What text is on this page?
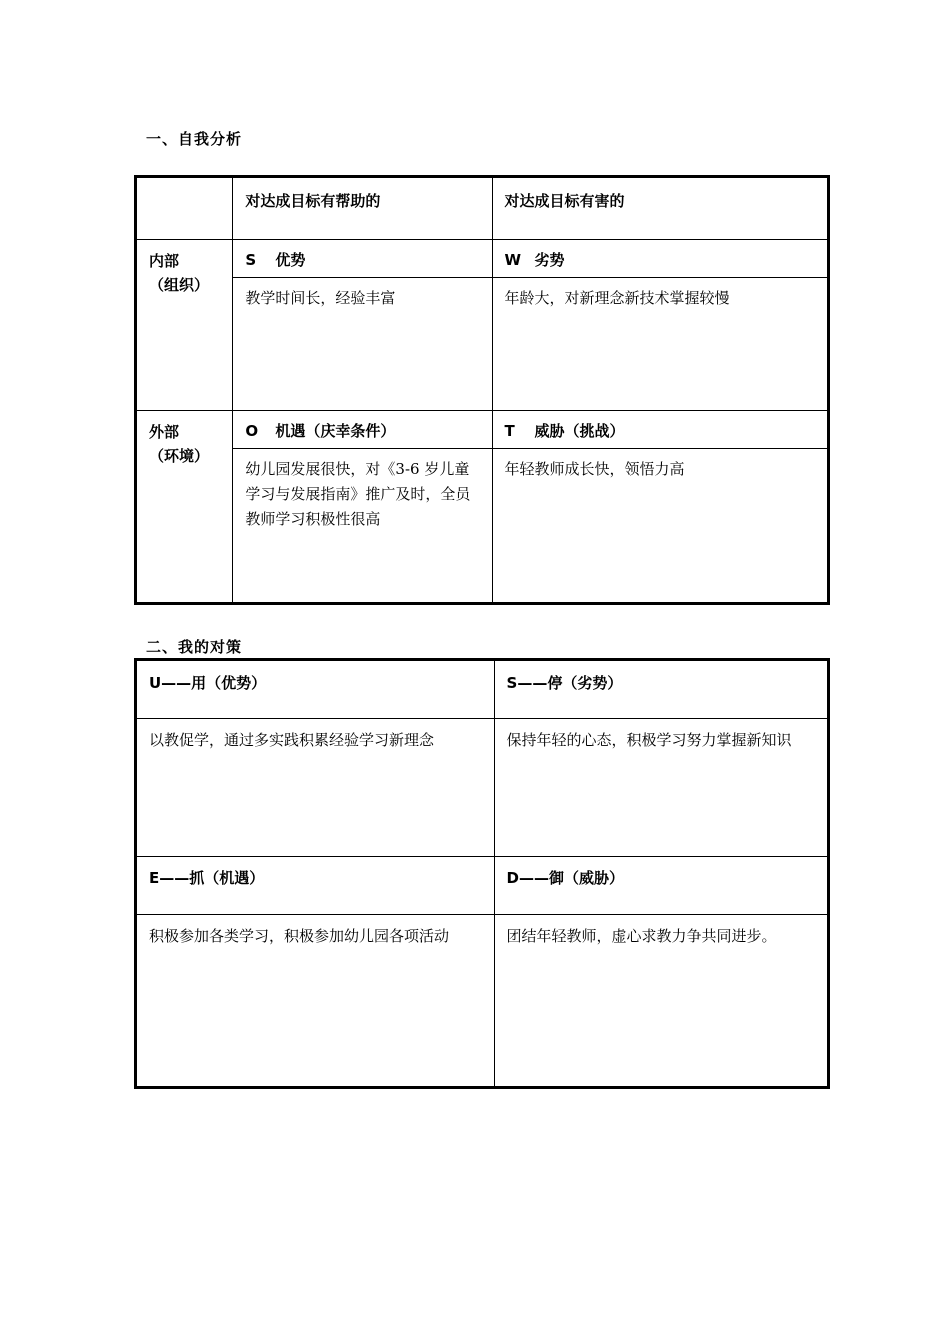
一、自我分析

	对达成目标有帮助的	对达成目标有害的

内部
（组织）	S 优势	W 劣势

	教学时间长，经验丰富	年龄大，对新理念新技术掌握较慢

外部
（环境）	O 机遇（庆幸条件）	T 威胁（挑战）

	幼儿园发展很快，对《3-6 岁儿童学习与发展指南》推广及时，全员教师学习积极性很高	年轻教师成长快，领悟力高
二、我的对策
U——用（优势）	S——停（劣势）

以教促学，通过多实践积累经验学习新理念	保持年轻的心态，积极学习努力掌握新知识

E——抓（机遇）	D——御（威胁）

积极参加各类学习，积极参加幼儿园各项活动	团结年轻教师，虚心求教力争共同进步。
